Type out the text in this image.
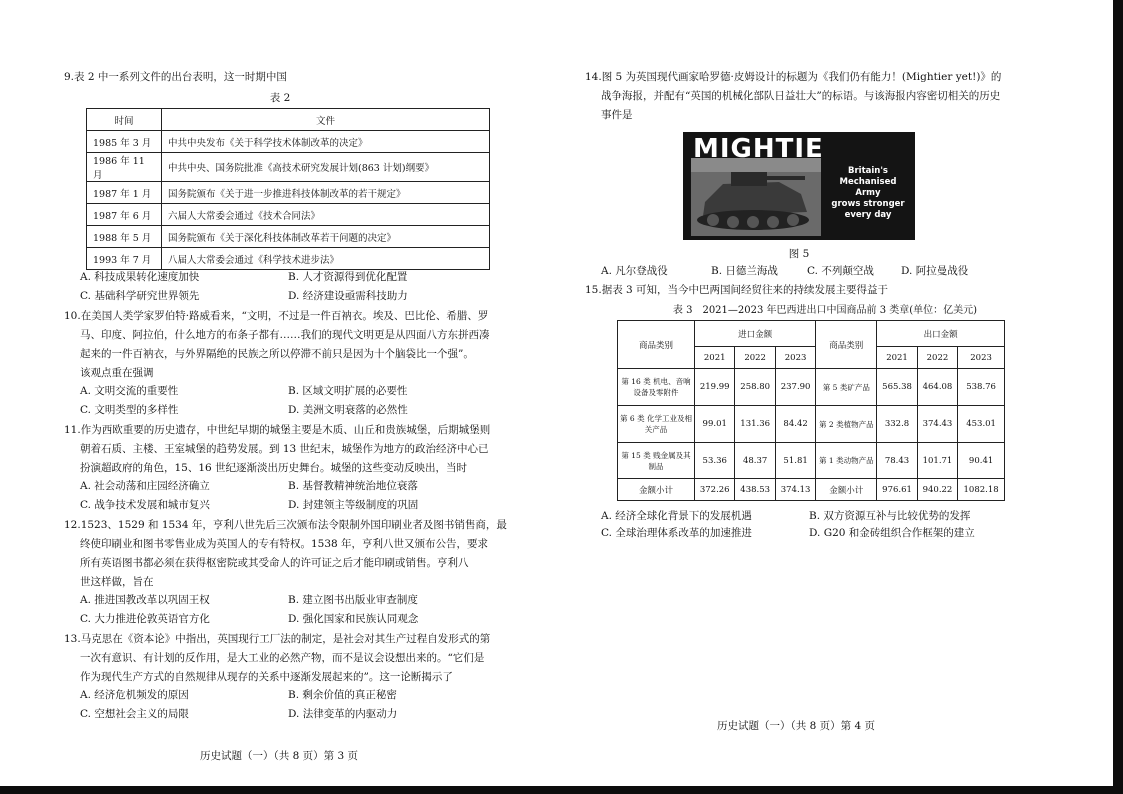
9.表 2 中一系列文件的出台表明，这一时期中国
表 2
时间	文件
1985 年 3 月	中共中央发布《关于科学技术体制改革的决定》
1986 年 11 月	中共中央、国务院批准《高技术研究发展计划(863 计划)纲要》
1987 年 1 月	国务院颁布《关于进一步推进科技体制改革的若干规定》
1987 年 6 月	六届人大常委会通过《技术合同法》
1988 年 5 月	国务院颁布《关于深化科技体制改革若干问题的决定》
1993 年 7 月	八届人大常委会通过《科学技术进步法》
A. 科技成果转化速度加快	B. 人才资源得到优化配置
C. 基础科学研究世界领先	D. 经济建设亟需科技助力
10.在美国人类学家罗伯特·路威看来，“文明，不过是一件百衲衣。埃及、巴比伦、希腊、罗
马、印度、阿拉伯，什么地方的布条子都有……我们的现代文明更是从四面八方东拼西凑
起来的一件百衲衣，与外界隔绝的民族之所以停滞不前只是因为十个脑袋比一个强”。
该观点重在强调
A. 文明交流的重要性	B. 区域文明扩展的必要性
C. 文明类型的多样性	D. 美洲文明衰落的必然性
11.作为西欧重要的历史遗存，中世纪早期的城堡主要是木质、山丘和贵族城堡，后期城堡则
朝着石质、主楼、王室城堡的趋势发展。到 13 世纪末，城堡作为地方的政治经济中心已
扮演超政府的角色，15、16 世纪逐渐淡出历史舞台。城堡的这些变动反映出，当时
A. 社会动荡和庄园经济确立	B. 基督教精神统治地位衰落
C. 战争技术发展和城市复兴	D. 封建领主等级制度的巩固
12.1523、1529 和 1534 年，亨利八世先后三次颁布法令限制外国印刷业者及图书销售商，最
终使印刷业和图书零售业成为英国人的专有特权。1538 年，亨利八世又颁布公告，要求
所有英语图书都必须在获得枢密院或其受命人的许可证之后才能印刷或销售。亨利八
世这样做，旨在
A. 推进国教改革以巩固王权	B. 建立图书出版业审查制度
C. 大力推进伦敦英语官方化	D. 强化国家和民族认同观念
13.马克思在《资本论》中指出，英国现行工厂法的制定，是社会对其生产过程自发形式的第
一次有意识、有计划的反作用，是大工业的必然产物，而不是议会设想出来的。“它们是
作为现代生产方式的自然规律从现存的关系中逐渐发展起来的”。这一论断揭示了
A. 经济危机频发的原因	B. 剩余价值的真正秘密
C. 空想社会主义的局限	D. 法律变革的内驱动力
历史试题（一）（共 8 页）第 3 页
14.图 5 为英国现代画家哈罗德·皮姆设计的标题为《我们仍有能力！(Mightier yet!)》的
战争海报，并配有“英国的机械化部队日益壮大”的标语。与该海报内容密切相关的历史
事件是
MIGHTIE
Britain's
Mechanised
Army
grows stronger
every day
图 5
A. 凡尔登战役	B. 日德兰海战	C. 不列颠空战	D. 阿拉曼战役
15.据表 3 可知，当今中巴两国间经贸往来的持续发展主要得益于
表 3　2021—2023 年巴西进出口中国商品前 3 类章(单位：亿美元)
商品类别	进口金额			商品类别	出口金额		
	2021	2022	2023		2021	2022	2023
第 16 类 机电、音响设备及零附件	219.99	258.80	237.90	第 5 类矿产品	565.38	464.08	538.76
第 6 类 化学工业及相关产品	99.01	131.36	84.42	第 2 类植物产品	332.8	374.43	453.01
第 15 类 贱金属及其制品	53.36	48.37	51.81	第 1 类动物产品	78.43	101.71	90.41
金额小计	372.26	438.53	374.13	金额小计	976.61	940.22	1082.18
A. 经济全球化背景下的发展机遇	B. 双方资源互补与比较优势的发挥
C. 全球治理体系改革的加速推进	D. G20 和金砖组织合作框架的建立
历史试题（一）（共 8 页）第 4 页
